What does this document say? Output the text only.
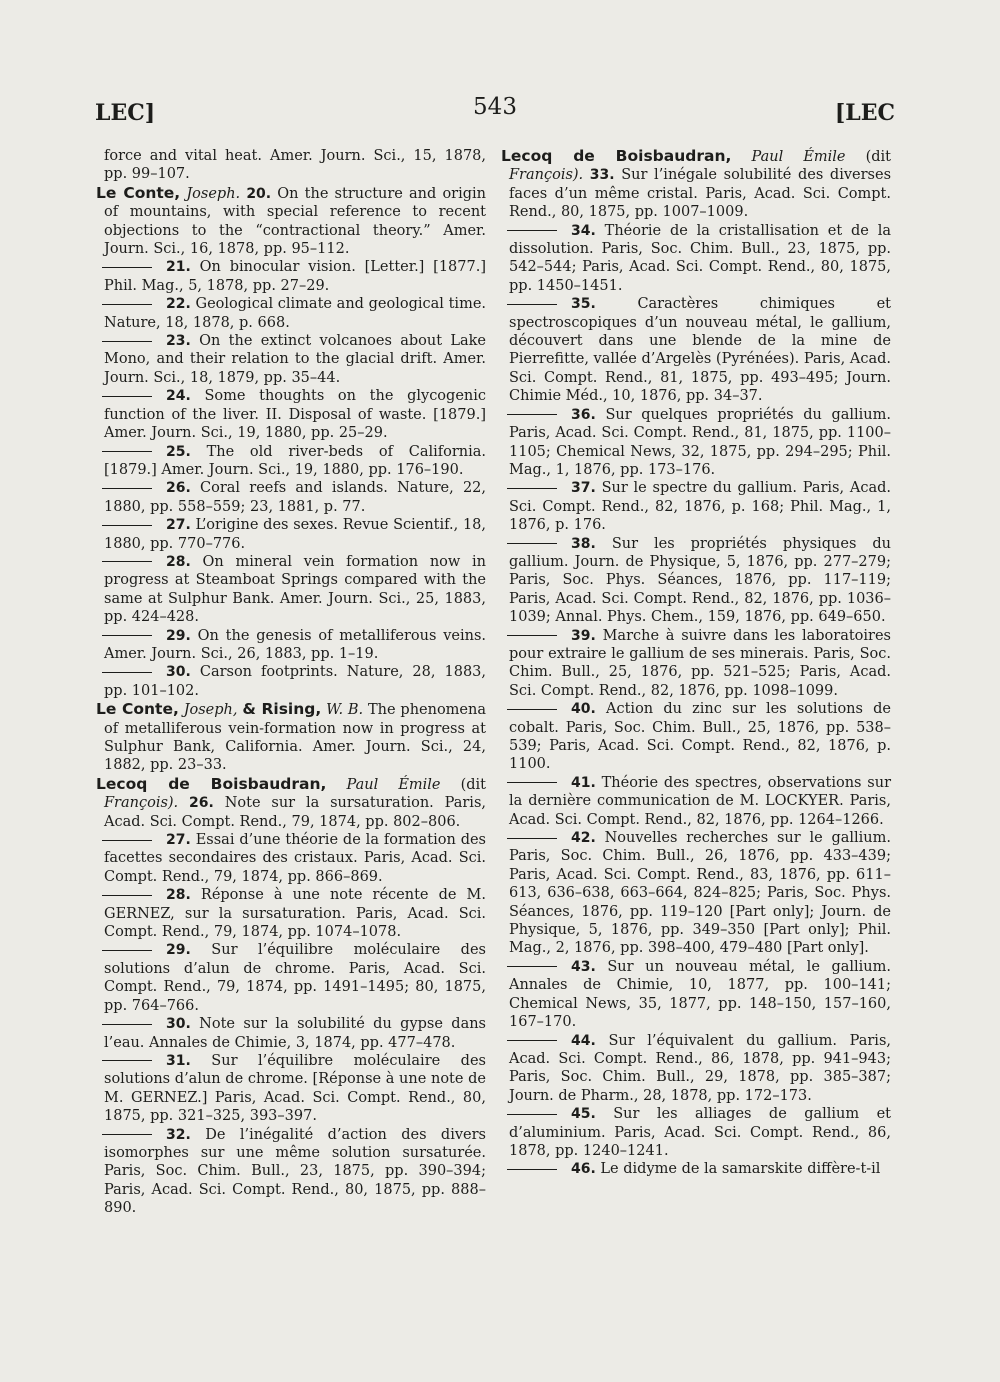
LEC]	543	[LEC

force and vital heat. Amer. Journ. Sci., 15, 1878, pp. 99–107.

Le Conte, Joseph. 20. On the structure and origin of mountains, with special reference to recent objections to the “contractional theory.” Amer. Journ. Sci., 16, 1878, pp. 95–112.

21. On binocular vision. [Letter.] [1877.] Phil. Mag., 5, 1878, pp. 27–29.

22. Geological climate and geological time. Nature, 18, 1878, p. 668.

23. On the extinct volcanoes about Lake Mono, and their relation to the glacial drift. Amer. Journ. Sci., 18, 1879, pp. 35–44.

24. Some thoughts on the glycogenic function of the liver. II. Disposal of waste. [1879.] Amer. Journ. Sci., 19, 1880, pp. 25–29.

25. The old river-beds of California. [1879.] Amer. Journ. Sci., 19, 1880, pp. 176–190.

26. Coral reefs and islands. Nature, 22, 1880, pp. 558–559; 23, 1881, p. 77.

27. L’origine des sexes. Revue Scientif., 18, 1880, pp. 770–776.

28. On mineral vein formation now in progress at Steamboat Springs compared with the same at Sulphur Bank. Amer. Journ. Sci., 25, 1883, pp. 424–428.

29. On the genesis of metalliferous veins. Amer. Journ. Sci., 26, 1883, pp. 1–19.

30. Carson footprints. Nature, 28, 1883, pp. 101–102.

Le Conte, Joseph, & Rising, W. B. The phenomena of metalliferous vein-formation now in progress at Sulphur Bank, California. Amer. Journ. Sci., 24, 1882, pp. 23–33.

Lecoq de Boisbaudran, Paul Émile (dit François). 26. Note sur la sursaturation. Paris, Acad. Sci. Compt. Rend., 79, 1874, pp. 802–806.

27. Essai d’une théorie de la formation des facettes secondaires des cristaux. Paris, Acad. Sci. Compt. Rend., 79, 1874, pp. 866–869.

28. Réponse à une note récente de M. GERNEZ, sur la sursaturation. Paris, Acad. Sci. Compt. Rend., 79, 1874, pp. 1074–1078.

29. Sur l’équilibre moléculaire des solutions d’alun de chrome. Paris, Acad. Sci. Compt. Rend., 79, 1874, pp. 1491–1495; 80, 1875, pp. 764–766.

30. Note sur la solubilité du gypse dans l’eau. Annales de Chimie, 3, 1874, pp. 477–478.

31. Sur l’équilibre moléculaire des solutions d’alun de chrome. [Réponse à une note de M. GERNEZ.] Paris, Acad. Sci. Compt. Rend., 80, 1875, pp. 321–325, 393–397.

32. De l’inégalité d’action des divers isomorphes sur une même solution sursaturée. Paris, Soc. Chim. Bull., 23, 1875, pp. 390–394; Paris, Acad. Sci. Compt. Rend., 80, 1875, pp. 888–890.

Lecoq de Boisbaudran, Paul Émile (dit François). 33. Sur l’inégale solubilité des diverses faces d’un même cristal. Paris, Acad. Sci. Compt. Rend., 80, 1875, pp. 1007–1009.

34. Théorie de la cristallisation et de la dissolution. Paris, Soc. Chim. Bull., 23, 1875, pp. 542–544; Paris, Acad. Sci. Compt. Rend., 80, 1875, pp. 1450–1451.

35.	Caractères chimiques et spectroscopiques d’un nouveau métal, le gallium, découvert dans une blende de la mine de Pierrefitte, vallée d’Argelès (Pyrénées). Paris, Acad. Sci. Compt. Rend., 81, 1875, pp. 493–495; Journ. Chimie Méd., 10, 1876, pp. 34–37.

36. Sur quelques propriétés du gallium. Paris, Acad. Sci. Compt. Rend., 81, 1875, pp. 1100–1105; Chemical News, 32, 1875, pp. 294–295; Phil. Mag., 1, 1876, pp. 173–176.

37. Sur le spectre du gallium. Paris, Acad. Sci. Compt. Rend., 82, 1876, p. 168; Phil. Mag., 1, 1876, p. 176.

38. Sur les propriétés physiques du gallium. Journ. de Physique, 5, 1876, pp. 277–279; Paris, Soc. Phys. Séances, 1876, pp. 117–119; Paris, Acad. Sci. Compt. Rend., 82, 1876, pp. 1036–1039; Annal. Phys. Chem., 159, 1876, pp. 649–650.

39. Marche à suivre dans les laboratoires pour extraire le gallium de ses minerais. Paris, Soc. Chim. Bull., 25, 1876, pp. 521–525; Paris, Acad. Sci. Compt. Rend., 82, 1876, pp. 1098–1099.

40. Action du zinc sur les solutions de cobalt. Paris, Soc. Chim. Bull., 25, 1876, pp. 538–539; Paris, Acad. Sci. Compt. Rend., 82, 1876, p. 1100.

41. Théorie des spectres, observations sur la dernière communication de M. LOCKYER. Paris, Acad. Sci. Compt. Rend., 82, 1876, pp. 1264–1266.

42. Nouvelles recherches sur le gallium. Paris, Soc. Chim. Bull., 26, 1876, pp. 433–439; Paris, Acad. Sci. Compt. Rend., 83, 1876, pp. 611–613, 636–638, 663–664, 824–825; Paris, Soc. Phys. Séances, 1876, pp. 119–120 [Part only]; Journ. de Physique, 5, 1876, pp. 349–350 [Part only]; Phil. Mag., 2, 1876, pp. 398–400, 479–480 [Part only].

43. Sur un nouveau métal, le gallium. Annales de Chimie, 10, 1877, pp. 100–141; Chemical News, 35, 1877, pp. 148–150, 157–160, 167–170.

44. Sur l’équivalent du gallium. Paris, Acad. Sci. Compt. Rend., 86, 1878, pp. 941–943; Paris, Soc. Chim. Bull., 29, 1878, pp. 385–387; Journ. de Pharm., 28, 1878, pp. 172–173.

45. Sur les alliages de gallium et d’aluminium. Paris, Acad. Sci. Compt. Rend., 86, 1878, pp. 1240–1241.

46. Le didyme de la samarskite diffère-t-il
